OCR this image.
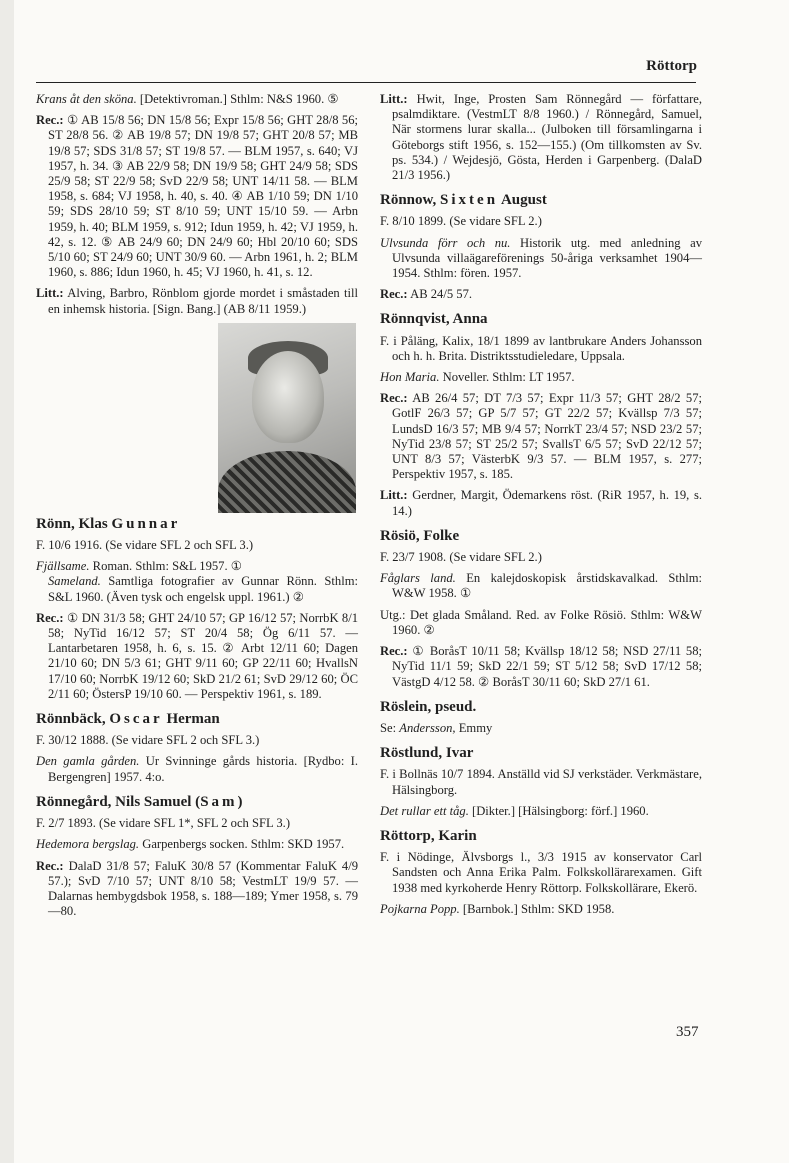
Röttorp

Krans åt den sköna. [Detektivroman.] Sthlm: N&S 1960. ⑤

Rec.: ① AB 15/8 56; DN 15/8 56; Expr 15/8 56; GHT 28/8 56; ST 28/8 56. ② AB 19/8 57; DN 19/8 57; GHT 20/8 57; MB 19/8 57; SDS 31/8 57; ST 19/8 57. — BLM 1957, s. 640; VJ 1957, h. 34. ③ AB 22/9 58; DN 19/9 58; GHT 24/9 58; SDS 25/9 58; ST 22/9 58; SvD 22/9 58; UNT 14/11 58. — BLM 1958, s. 684; VJ 1958, h. 40, s. 40. ④ AB 1/10 59; DN 1/10 59; SDS 28/10 59; ST 8/10 59; UNT 15/10 59. — Arbn 1959, h. 40; BLM 1959, s. 912; Idun 1959, h. 42; VJ 1959, h. 42, s. 12. ⑤ AB 24/9 60; DN 24/9 60; Hbl 20/10 60; SDS 5/10 60; ST 24/9 60; UNT 30/9 60. — Arbn 1961, h. 2; BLM 1960, s. 886; Idun 1960, h. 45; VJ 1960, h. 41, s. 12.

Litt.: Alving, Barbro, Rönblom gjorde mordet i småstaden till en inhemsk historia. [Sign. Bang.] (AB 8/11 1959.)

Rönn, Klas Gunnar

F. 10/6 1916. (Se vidare SFL 2 och SFL 3.)

Fjällsame. Roman. Sthlm: S&L 1957. ①
Sameland. Samtliga fotografier av Gunnar Rönn. Sthlm: S&L 1960. (Även tysk och engelsk uppl. 1961.) ②

Rec.: ① DN 31/3 58; GHT 24/10 57; GP 16/12 57; NorrbK 8/1 58; NyTid 16/12 57; ST 20/4 58; Ög 6/11 57. — Lantarbetaren 1958, h. 6, s. 15. ② Arbt 12/11 60; Dagen 21/10 60; DN 5/3 61; GHT 9/11 60; GP 22/11 60; HvallsN 17/10 60; NorrbK 19/12 60; SkD 21/2 61; SvD 29/12 60; ÖC 2/11 60; ÖstersP 19/10 60. — Perspektiv 1961, s. 189.

Rönnbäck, Oscar Herman

F. 30/12 1888. (Se vidare SFL 2 och SFL 3.)

Den gamla gården. Ur Svinninge gårds historia. [Rydbo: I. Bergengren] 1957. 4:o.

Rönnegård, Nils Samuel (Sam)

F. 2/7 1893. (Se vidare SFL 1*, SFL 2 och SFL 3.)

Hedemora bergslag. Garpenbergs socken. Sthlm: SKD 1957.

Rec.: DalaD 31/8 57; FaluK 30/8 57 (Kommentar FaluK 4/9 57.); SvD 7/10 57; UNT 8/10 58; VestmLT 19/9 57. — Dalarnas hembygdsbok 1958, s. 188—189; Ymer 1958, s. 79—80.

Litt.: Hwit, Inge, Prosten Sam Rönnegård — författare, psalmdiktare. (VestmLT 8/8 1960.) / Rönnegård, Samuel, När stormens lurar skalla... (Julboken till församlingarna i Göteborgs stift 1956, s. 152—155.) (Om tillkomsten av Sv. ps. 534.) / Wejdesjö, Gösta, Herden i Garpenberg. (DalaD 21/3 1956.)

Rönnow, Sixten August

F. 8/10 1899. (Se vidare SFL 2.)

Ulvsunda förr och nu. Historik utg. med anledning av Ulvsunda villaägareförenings 50-åriga verksamhet 1904—1954. Sthlm: fören. 1957.

Rec.: AB 24/5 57.

Rönnqvist, Anna

F. i Påläng, Kalix, 18/1 1899 av lantbrukare Anders Johansson och h. h. Brita. Distriktsstudieledare, Uppsala.

Hon Maria. Noveller. Sthlm: LT 1957.

Rec.: AB 26/4 57; DT 7/3 57; Expr 11/3 57; GHT 28/2 57; GotlF 26/3 57; GP 5/7 57; GT 22/2 57; Kvällsp 7/3 57; LundsD 16/3 57; MB 9/4 57; NorrkT 23/4 57; NSD 23/2 57; NyTid 23/8 57; ST 25/2 57; SvallsT 6/5 57; SvD 22/12 57; UNT 8/3 57; VästerbK 9/3 57. — BLM 1957, s. 277; Perspektiv 1957, s. 185.

Litt.: Gerdner, Margit, Ödemarkens röst. (RiR 1957, h. 19, s. 14.)

Rösiö, Folke

F. 23/7 1908. (Se vidare SFL 2.)

Fåglars land. En kalejdoskopisk årstidskavalkad. Sthlm: W&W 1958. ①

Utg.: Det glada Småland. Red. av Folke Rösiö. Sthlm: W&W 1960. ②

Rec.: ① BoråsT 10/11 58; Kvällsp 18/12 58; NSD 27/11 58; NyTid 11/1 59; SkD 22/1 59; ST 5/12 58; SvD 17/12 58; VästgD 4/12 58. ② BoråsT 30/11 60; SkD 27/1 61.

Röslein, pseud.

Se: Andersson, Emmy

Röstlund, Ivar

F. i Bollnäs 10/7 1894. Anställd vid SJ verkstäder. Verkmästare, Hälsingborg.

Det rullar ett tåg. [Dikter.] [Hälsingborg: förf.] 1960.

Röttorp, Karin

F. i Nödinge, Älvsborgs l., 3/3 1915 av konservator Carl Sandsten och Anna Erika Palm. Folkskollärarexamen. Gift 1938 med kyrkoherde Henry Röttorp. Folkskollärare, Ekerö.

Pojkarna Popp. [Barnbok.] Sthlm: SKD 1958.

357
